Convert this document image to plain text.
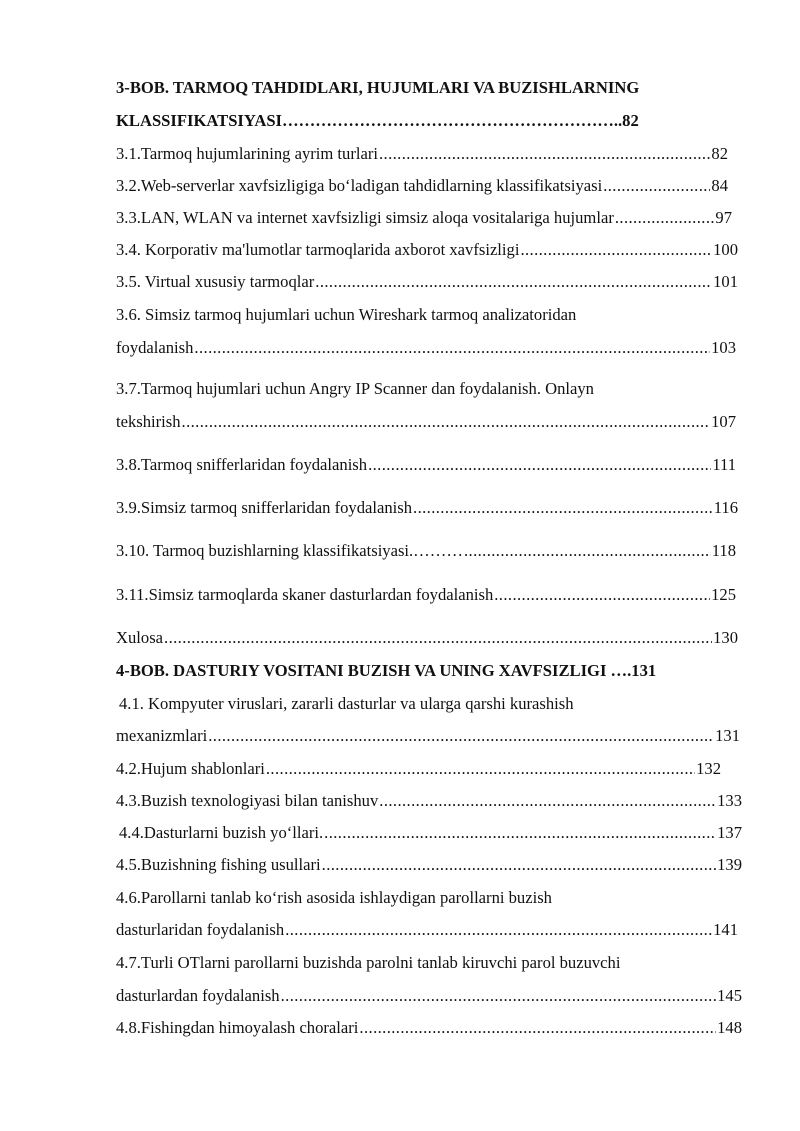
3-BOB. TARMOQ TAHDIDLARI, HUJUMLARI VA BUZISHLARNING
KLASSIFIKATSIYASI……………………………………………………..82
3.1.Tarmoq hujumlarining ayrim turlari .....	82
3.2.Web-serverlar xavfsizligiga bo‘ladigan tahdidlarning klassifikatsiyasi .....	84
3.3.LAN, WLAN va internet xavfsizligi simsiz aloqa vositalariga hujumlar .....	97
3.4. Korporativ ma'lumotlar tarmoqlarida axborot xavfsizligi .....	100
3.5. Virtual xususiy tarmoqlar .....	101
3.6. Simsiz tarmoq hujumlari uchun Wireshark tarmoq analizatoridan
foydalanish .....	103
3.7.Tarmoq hujumlari uchun Angry IP Scanner dan foydalanish. Onlayn
tekshirish .....	107
3.8.Tarmoq snifferlaridan foydalanish .....	111
3.9.Simsiz tarmoq snifferlaridan foydalanish .....	116
3.10. Tarmoq buzishlarning klassifikatsiyasi.……… .....	118
3.11.Simsiz tarmoqlarda skaner dasturlardan foydalanish .....	125
Xulosa .....	130
4-BOB. DASTURIY VOSITANI BUZISH VA UNING XAVFSIZLIGI ….131
4.1. Kompyuter viruslari, zararli dasturlar va ularga qarshi kurashish
mexanizmlari .....	131
4.2.Hujum shablonlari .....	132
4.3.Buzish texnologiyasi bilan tanishuv .....	133
4.4.Dasturlarni buzish yo‘llari. .....	137
4.5.Buzishning fishing usullari .....	139
4.6.Parollarni tanlab ko‘rish asosida ishlaydigan parollarni buzish
dasturlaridan foydalanish .....	141
4.7.Turli OTlarni parollarni buzishda parolni tanlab kiruvchi parol buzuvchi
dasturlardan foydalanish .....	145
4.8.Fishingdan himoyalash choralari .....	148
